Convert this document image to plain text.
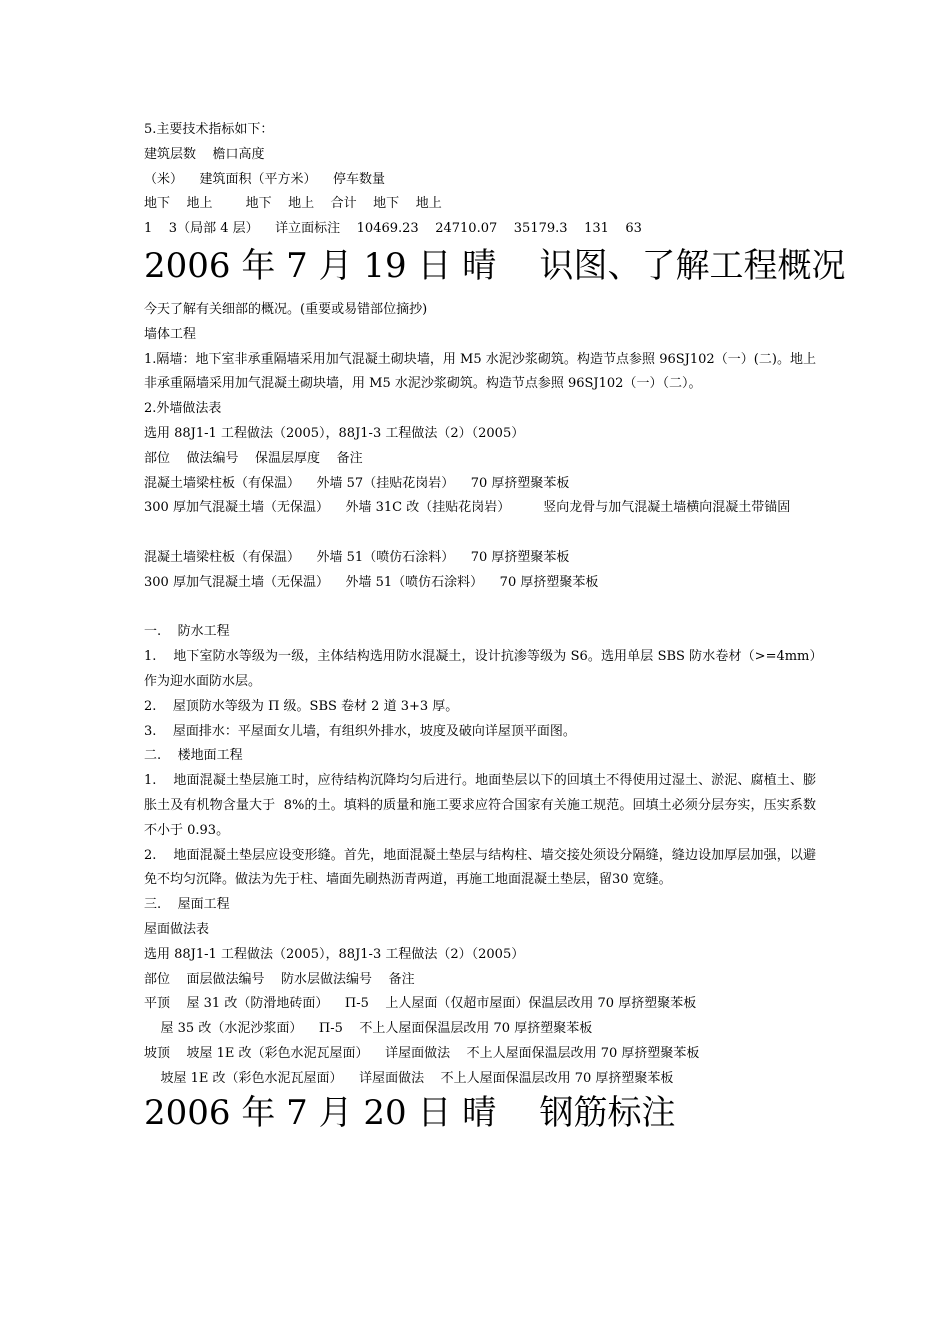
5.主要技术指标如下：

建筑层数    檐口高度

（米）    建筑面积（平方米）    停车数量

地下    地上        地下    地上    合计    地下    地上

1    3（局部 4 层）    详立面标注    10469.23    24710.07    35179.3    131    63

2006 年 7 月 19 日 晴    识图、了解工程概况

今天了解有关细部的概况。(重要或易错部位摘抄)

墙体工程

1.隔墙：地下室非承重隔墙采用加气混凝土砌块墙，用 M5 水泥沙浆砌筑。构造节点参照 96SJ102（一）(二)。地上非承重隔墙采用加气混凝土砌块墙，用 M5 水泥沙浆砌筑。构造节点参照 96SJ102（一）（二）。

2.外墙做法表

选用 88J1-1 工程做法（2005），88J1-3 工程做法（2）（2005）

部位    做法编号    保温层厚度    备注

混凝土墙梁柱板（有保温）    外墙 57（挂贴花岗岩）    70 厚挤塑聚苯板

300 厚加气混凝土墙（无保温）    外墙 31C 改（挂贴花岗岩）        竖向龙骨与加气混凝土墙横向混凝土带锚固

混凝土墙梁柱板（有保温）    外墙 51（喷仿石涂料）    70 厚挤塑聚苯板

300 厚加气混凝土墙（无保温）    外墙 51（喷仿石涂料）    70 厚挤塑聚苯板

一.    防水工程

1.    地下室防水等级为一级，主体结构选用防水混凝土，设计抗渗等级为 S6。选用单层 SBS 防水卷材（>=4mm）作为迎水面防水层。

2.    屋顶防水等级为 Π 级。SBS 卷材 2 道 3+3 厚。

3.    屋面排水：平屋面女儿墙，有组织外排水，坡度及破向详屋顶平面图。

二.    楼地面工程

1.    地面混凝土垫层施工时，应待结构沉降均匀后进行。地面垫层以下的回填土不得使用过湿土、淤泥、腐植土、膨胀土及有机物含量大于  8%的土。填料的质量和施工要求应符合国家有关施工规范。回填土必须分层夯实，压实系数不小于 0.93。

2.    地面混凝土垫层应设变形缝。首先，地面混凝土垫层与结构柱、墙交接处须设分隔缝，缝边设加厚层加强，以避免不均匀沉降。做法为先于柱、墙面先刷热沥青两道，再施工地面混凝土垫层，留30 宽缝。

三.    屋面工程

屋面做法表

选用 88J1-1 工程做法（2005），88J1-3 工程做法（2）（2005）

部位    面层做法编号    防水层做法编号    备注

平顶    屋 31 改（防滑地砖面）    Π-5    上人屋面（仅超市屋面）保温层改用 70 厚挤塑聚苯板

屋 35 改（水泥沙浆面）    Π-5    不上人屋面保温层改用 70 厚挤塑聚苯板

坡顶    坡屋 1E 改（彩色水泥瓦屋面）    详屋面做法    不上人屋面保温层改用 70 厚挤塑聚苯板

坡屋 1E 改（彩色水泥瓦屋面）    详屋面做法    不上人屋面保温层改用 70 厚挤塑聚苯板

2006 年 7 月 20 日 晴    钢筋标注
